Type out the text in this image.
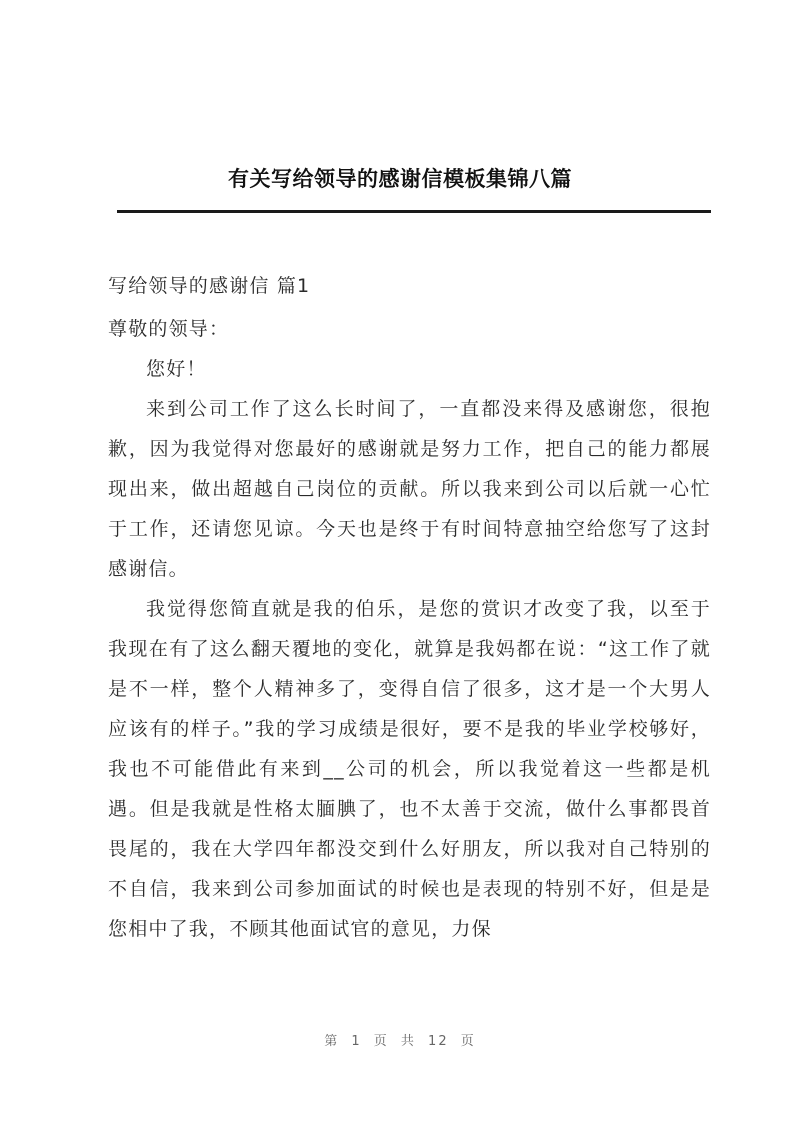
有关写给领导的感谢信模板集锦八篇

写给领导的感谢信 篇1

尊敬的领导：

您好！

来到公司工作了这么长时间了，一直都没来得及感谢您，很抱歉，因为我觉得对您最好的感谢就是努力工作，把自己的能力都展现出来，做出超越自己岗位的贡献。所以我来到公司以后就一心忙于工作，还请您见谅。今天也是终于有时间特意抽空给您写了这封感谢信。

我觉得您简直就是我的伯乐，是您的赏识才改变了我，以至于我现在有了这么翻天覆地的变化，就算是我妈都在说：“这工作了就是不一样，整个人精神多了，变得自信了很多，这才是一个大男人应该有的样子。”我的学习成绩是很好，要不是我的毕业学校够好，我也不可能借此有来到__公司的机会，所以我觉着这一些都是机遇。但是我就是性格太腼腆了，也不太善于交流，做什么事都畏首畏尾的，我在大学四年都没交到什么好朋友，所以我对自己特别的不自信，我来到公司参加面试的时候也是表现的特别不好，但是是您相中了我，不顾其他面试官的意见，力保

第 1 页 共 12 页
